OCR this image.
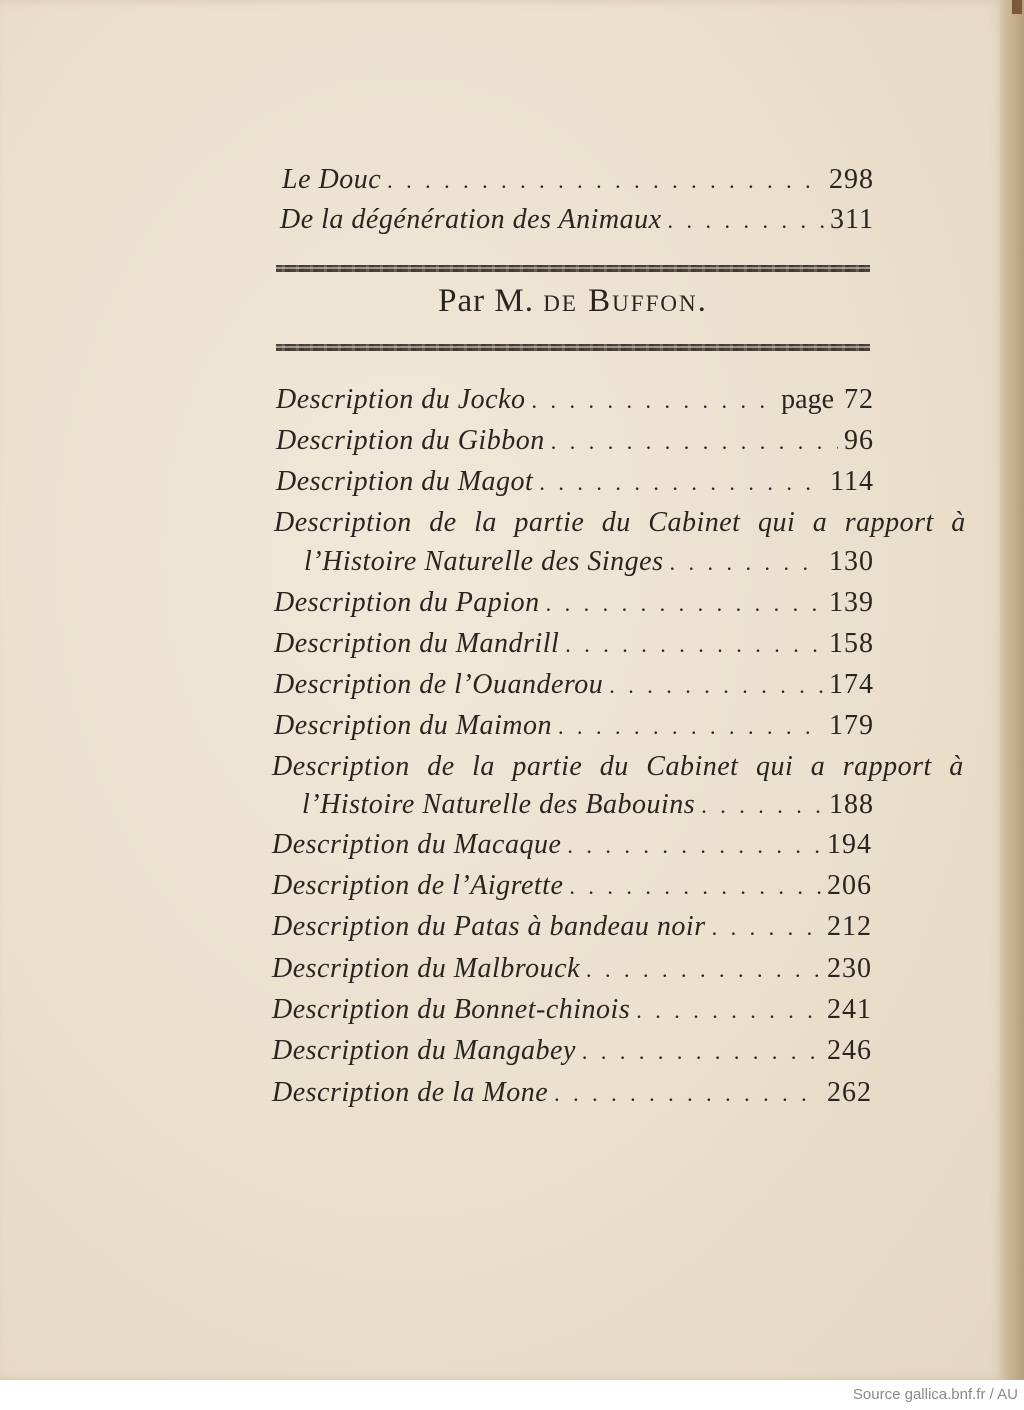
Le Douc . . .	298
De la dégénération des Animaux . . .	311
Par M. de Buffon.
Description du Jocko . . .	page 72
Description du Gibbon . . .	96
Description du Magot . . .	114
Description de la partie du Cabinet qui a rapport à
l’Histoire Naturelle des Singes . . .	130
Description du Papion . . .	139
Description du Mandrill . . .	158
Description de l’Ouanderou . . .	174
Description du Maimon . . .	179
Description de la partie du Cabinet qui a rapport à
l’Histoire Naturelle des Babouins . . .	188
Description du Macaque . . .	194
Description de l’Aigrette . . .	206
Description du Patas à bandeau noir . . .	212
Description du Malbrouck . . .	230
Description du Bonnet-chinois . . .	241
Description du Mangabey . . .	246
Description de la Mone . . .	262
Source gallica.bnf.fr / AU
